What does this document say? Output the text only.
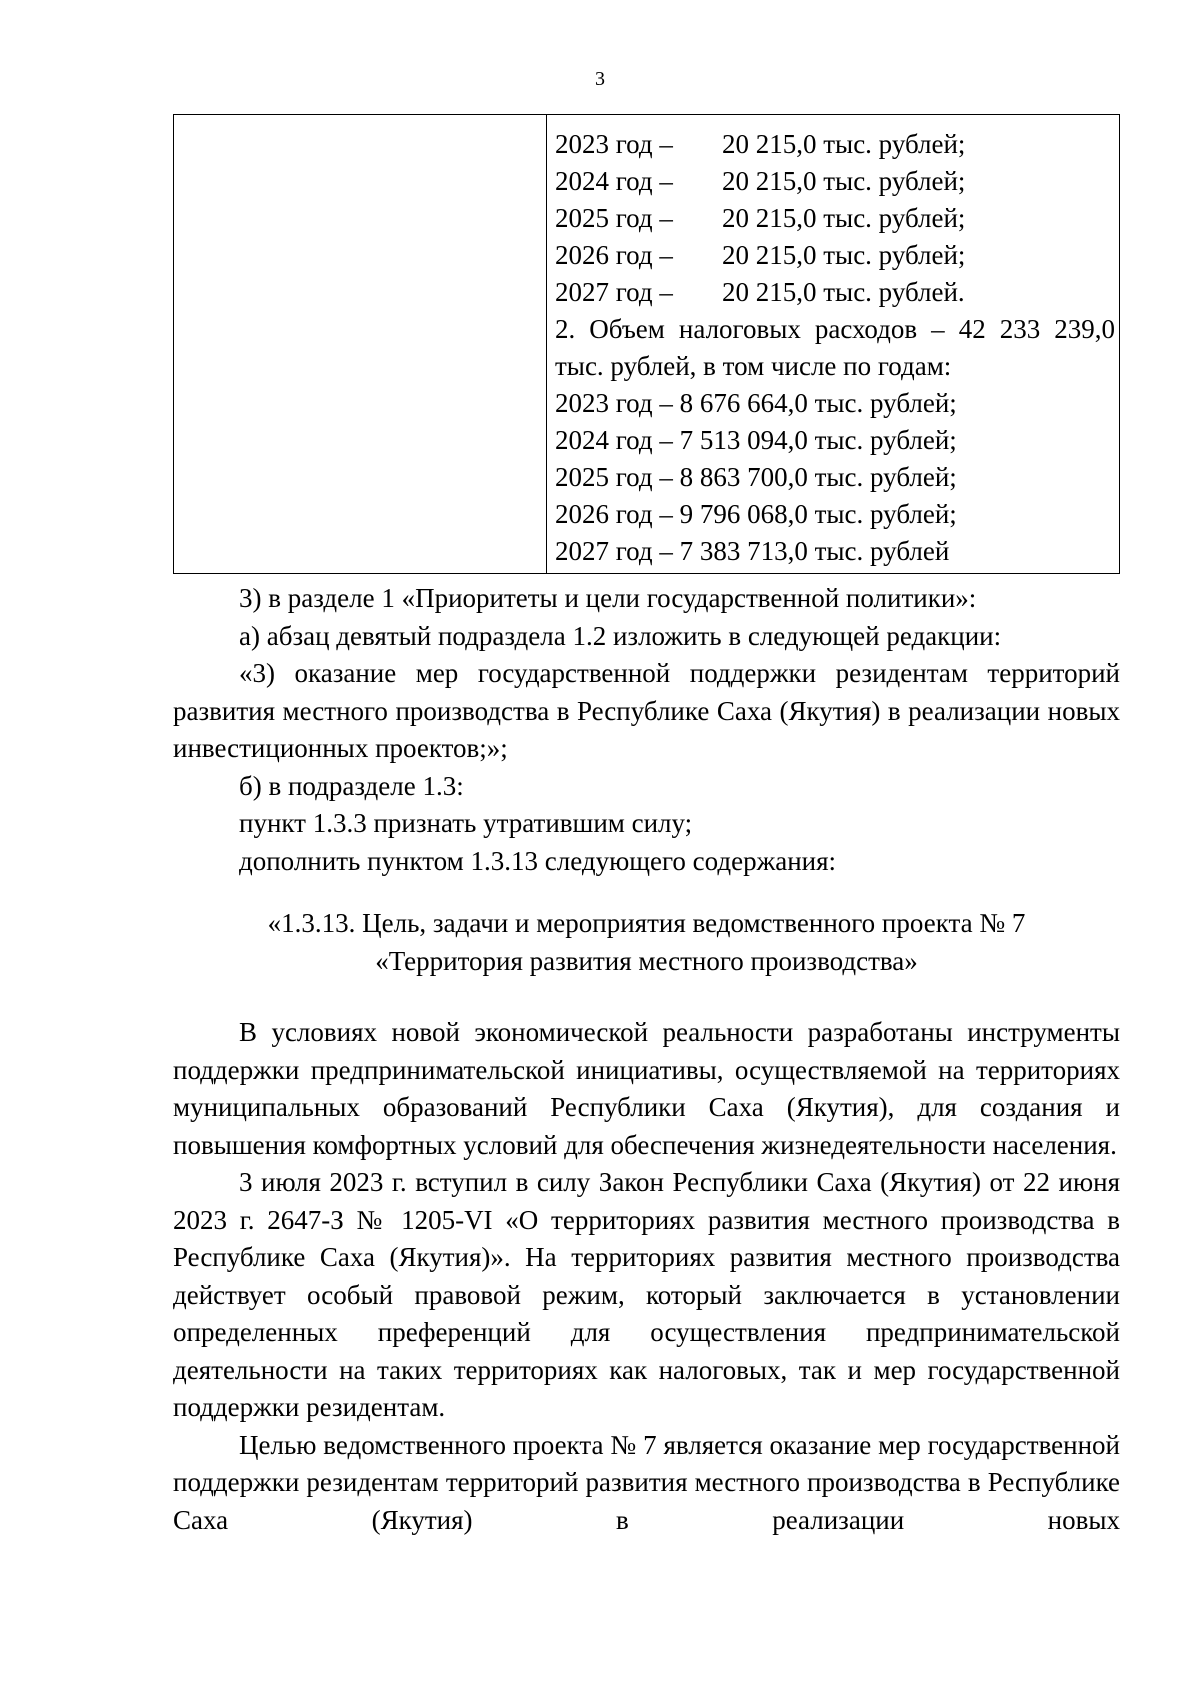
3
2023 год – 20 215,0 тыс. рублей;
2024 год – 20 215,0 тыс. рублей;
2025 год – 20 215,0 тыс. рублей;
2026 год – 20 215,0 тыс. рублей;
2027 год – 20 215,0 тыс. рублей.
2. Объем налоговых расходов – 42 233 239,0
тыс. рублей, в том числе по годам:
2023 год – 8 676 664,0 тыс. рублей;
2024 год – 7 513 094,0 тыс. рублей;
2025 год – 8 863 700,0 тыс. рублей;
2026 год – 9 796 068,0 тыс. рублей;
2027 год – 7 383 713,0 тыс. рублей
3) в разделе 1 «Приоритеты и цели государственной политики»:
а) абзац девятый подраздела 1.2 изложить в следующей редакции:
«3) оказание мер государственной поддержки резидентам территорий развития местного производства в Республике Саха (Якутия) в реализации новых инвестиционных проектов;»;
б) в подразделе 1.3:
пункт 1.3.3 признать утратившим силу;
дополнить пунктом 1.3.13 следующего содержания:
«1.3.13. Цель, задачи и мероприятия ведомственного проекта № 7
«Территория развития местного производства»
В условиях новой экономической реальности разработаны инструменты поддержки предпринимательской инициативы, осуществляемой на территориях муниципальных образований Республики Саха (Якутия), для создания и повышения комфортных условий для обеспечения жизнедеятельности населения.
3 июля 2023 г. вступил в силу Закон Республики Саха (Якутия) от 22 июня 2023 г. 2647-З № 1205-VI «О территориях развития местного производства в Республике Саха (Якутия)». На территориях развития местного производства действует особый правовой режим, который заключается в установлении определенных преференций для осуществления предпринимательской деятельности на таких территориях как налоговых, так и мер государственной поддержки резидентам.
Целью ведомственного проекта № 7 является оказание мер государственной поддержки резидентам территорий развития местного производства в Республике Саха (Якутия) в реализации новых
